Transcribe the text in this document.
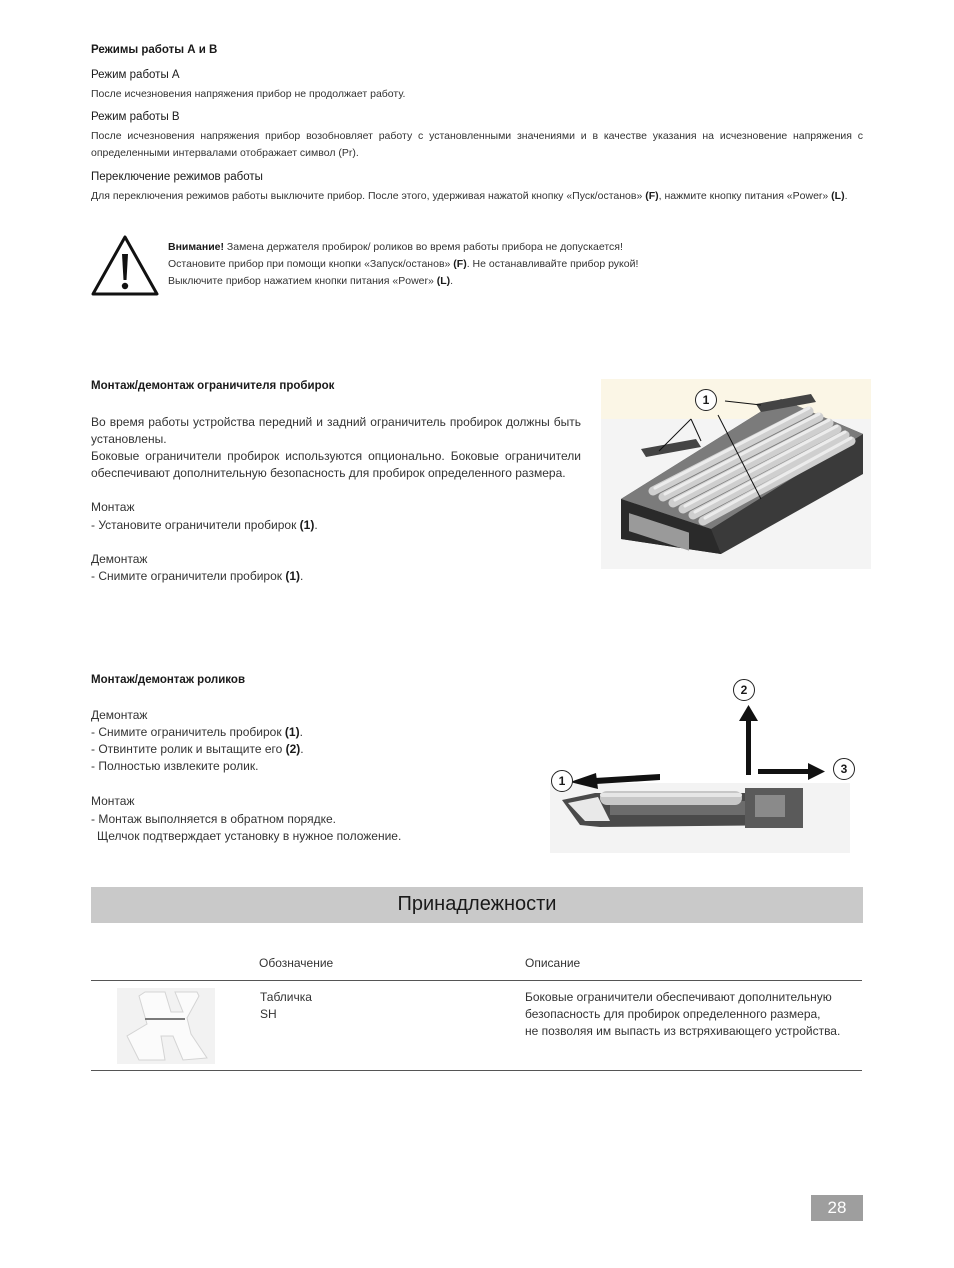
Режимы работы А и В
Режим работы А
После исчезновения напряжения прибор не продолжает работу.
Режим работы В
После исчезновения напряжения прибор возобновляет работу с установленными значениями и в качестве указания на исчезновение напряжения с
определенными интервалами отображает символ (Pr).
Переключение режимов работы
Для переключения режимов работы выключите прибор. После этого, удерживая нажатой кнопку «Пуск/останов» (F), нажмите кнопку питания «Power» (L).
Внимание! Замена держателя пробирок/ роликов во время работы прибора не допускается!
Остановите прибор при помощи кнопки «Запуск/останов» (F). Не останавливайте прибор рукой!
Выключите прибор нажатием кнопки питания «Power» (L).
Монтаж/демонтаж ограничителя пробирок
Во время работы устройства передний и задний ограничитель пробирок должны быть
установлены.
Боковые ограничители пробирок используются опционально. Боковые ограничители
обеспечивают дополнительную безопасность для пробирок определенного размера.
Монтаж
- Установите ограничители пробирок (1).
Демонтаж
- Снимите ограничители пробирок (1).
1
Монтаж/демонтаж роликов
Демонтаж
- Снимите ограничитель пробирок (1).
- Отвинтите ролик и вытащите его (2).
- Полностью извлеките ролик.
Монтаж
- Монтаж выполняется в обратном порядке.
Щелчок подтверждает установку в нужное положение.
1
2
3
Принадлежности
Обозначение	Описание
Табличка
SH
Боковые ограничители обеспечивают дополнительную
безопасность для пробирок определенного размера,
не позволяя им выпасть из встряхивающего устройства.
28
